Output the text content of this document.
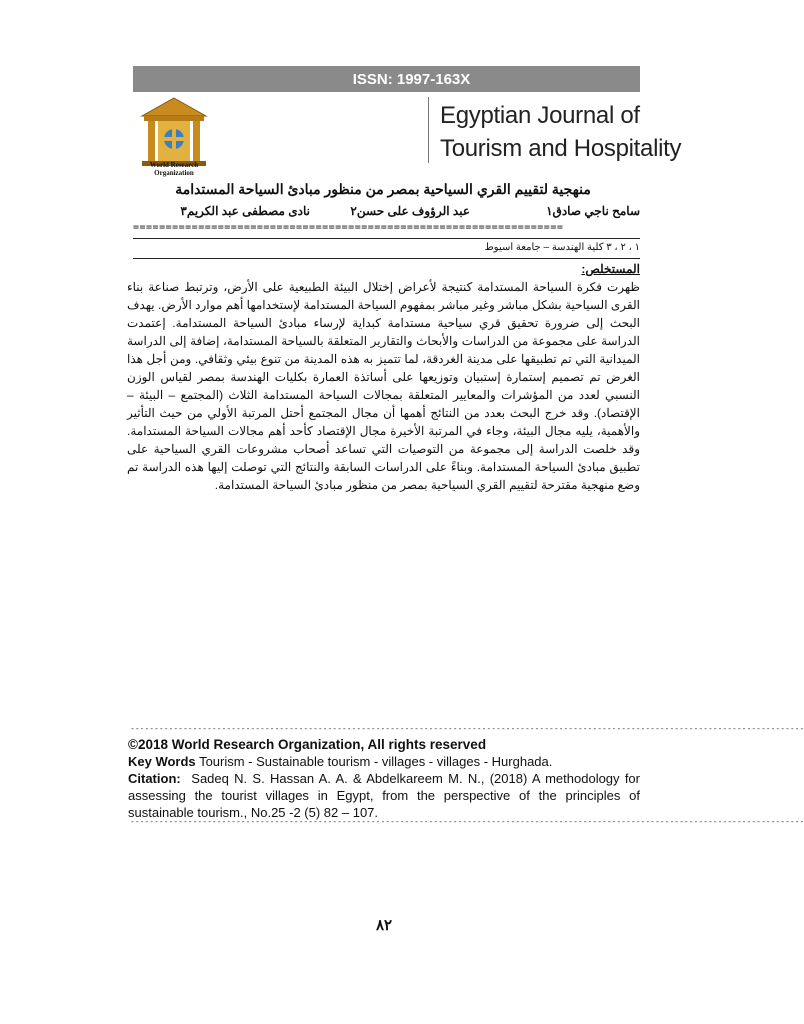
ISSN: 1997-163X
World Research Organization
Egyptian Journal of
Tourism and Hospitality
منهجية لتقييم القري السياحية بمصر من منظور مبادئ السياحة المستدامة
سامح ناجي صادق١
عبد الرؤوف على حسن٢
نادى مصطفى عبد الكريم٣
==================================================================
١ ، ٢ ، ٣ كلية الهندسة – جامعة اسيوط
المستخلص:
ظهرت فكرة السياحة المستدامة كنتيجة لأعراض إختلال البيئة الطبيعية على الأرض، وترتبط صناعة بناء القرى السياحية بشكل مباشر وغير مباشر بمفهوم السياحة المستدامة لإستخدامها أهم موارد الأرض. يهدف البحث إلى ضرورة تحقيق قري سياحية مستدامة كبداية لإرساء مبادئ السياحة المستدامة. إعتمدت الدراسة على مجموعة من الدراسات والأبحاث والتقارير المتعلقة بالسياحة المستدامة، إضافة إلى الدراسة الميدانية التي تم تطبيقها على مدينة الغردقة، لما تتميز به هذه المدينة من تنوع بيئي وثقافي. ومن أجل هذا الغرض تم تصميم إستمارة إستبيان وتوزيعها على أساتذة العمارة بكليات الهندسة بمصر لقياس الوزن النسبي لعدد من المؤشرات والمعايير المتعلقة بمجالات السياحة المستدامة الثلاث (المجتمع – البيئة – الإقتصاد). وقد خرج البحث بعدد من النتائج أهمها أن مجال المجتمع أحتل المرتبة الأولي من حيث التأثير والأهمية، يليه مجال البيئة، وجاء في المرتبة الأخيرة مجال الإقتصاد كأحد أهم مجالات السياحة المستدامة. وقد خلصت الدراسة إلى مجموعة من التوصيات التي تساعد أصحاب مشروعات القري السياحية على تطبيق مبادئ السياحة المستدامة. وبناءً على الدراسات السابقة والنتائج التي توصلت إليها هذه الدراسة تم وضع منهجية مقترحة لتقييم القري السياحية بمصر من منظور مبادئ السياحة المستدامة.
--------------------------------------------------------------------------------------------------------------------------------------------
©2018 World Research Organization, All rights reserved
Key Words Tourism - Sustainable tourism - villages - villages - Hurghada.
Citation: Sadeq N. S. Hassan A. A. & Abdelkareem M. N., (2018) A methodology for assessing the tourist villages in Egypt, from the perspective of the principles of sustainable tourism., No.25 -2 (5) 82 – 107.
--------------------------------------------------------------------------------------------------------------------------------------------
٨٢
